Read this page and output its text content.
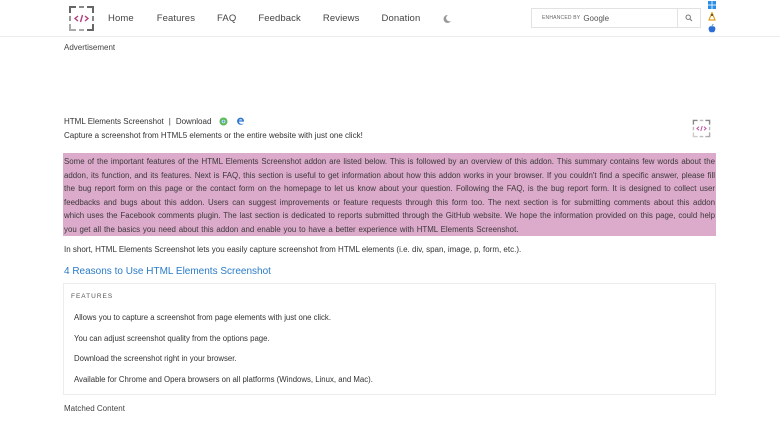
Home Features FAQ Feedback Reviews Donation	ENHANCED BY Google
Advertisement
HTML Elements Screenshot | Download
Capture a screenshot from HTML5 elements or the entire website with just one click!

Some of the important features of the HTML Elements Screenshot addon are listed below. This is followed by an overview of this addon. This summary contains few words about the addon, its function, and its features. Next is FAQ, this section is useful to get information about how this addon works in your browser. If you couldn't find a specific answer, please fill the bug report form on this page or the contact form on the homepage to let us know about your question. Following the FAQ, is the bug report form. It is designed to collect user feedbacks and bugs about this addon. Users can suggest improvements or feature requests through this form too. The next section is for submitting comments about this addon which uses the Facebook comments plugin. The last section is dedicated to reports submitted through the GitHub website. We hope the information provided on this page, could help you get all the basics you need about this addon and enable you to have a better experience with HTML Elements Screenshot.

In short, HTML Elements Screenshot lets you easily capture screenshot from HTML elements (i.e. div, span, image, p, form, etc.).
4 Reasons to Use HTML Elements Screenshot
FEATURES
Allows you to capture a screenshot from page elements with just one click.
You can adjust screenshot quality from the options page.
Download the screenshot right in your browser.
Available for Chrome and Opera browsers on all platforms (Windows, Linux, and Mac).
Matched Content
